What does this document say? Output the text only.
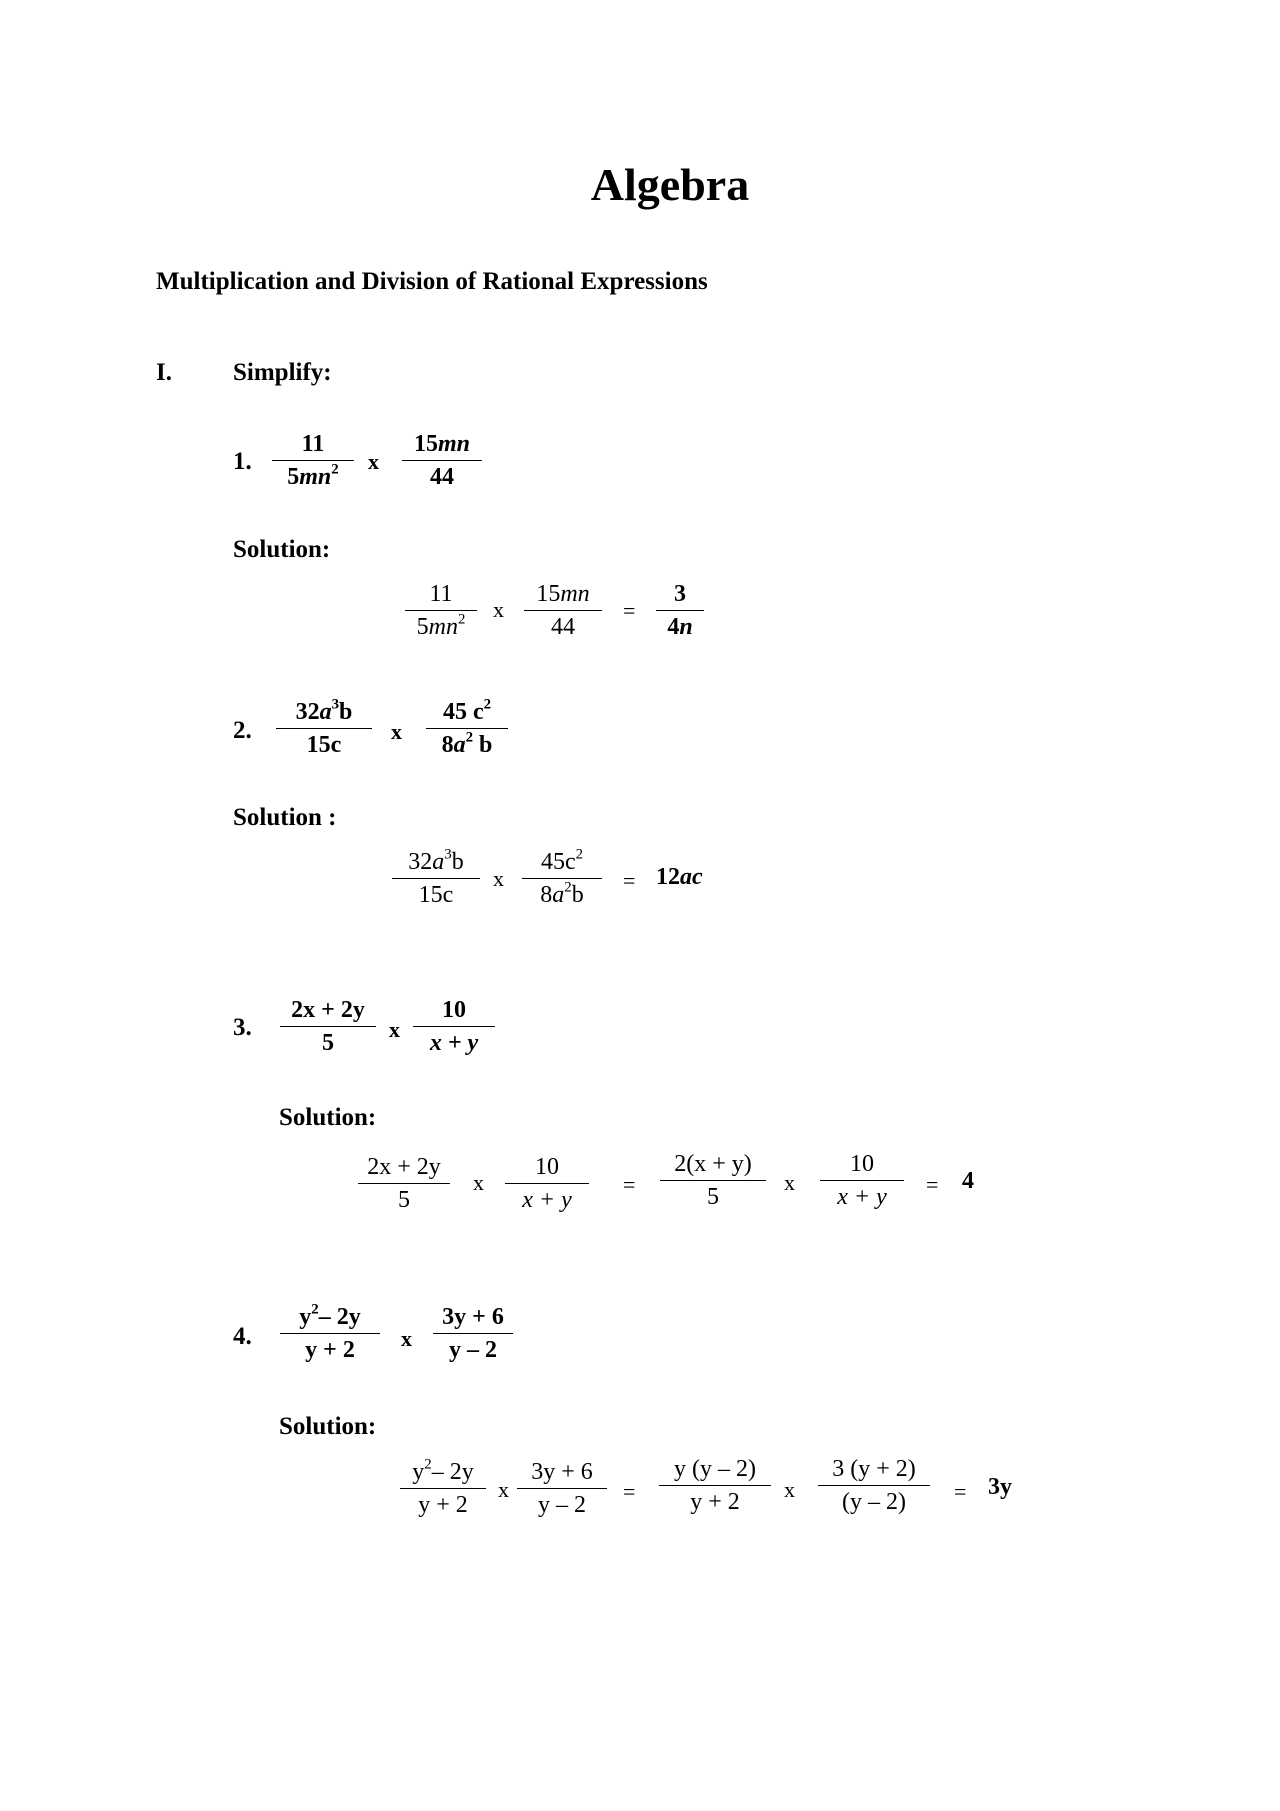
Algebra
Multiplication and Division of Rational Expressions
I. Simplify:
1.
11
$5mn^2$ x
15mn
44
Solution:
11
$5mn^2$ x
15mn
44
=
3
4n
2.
$32a^3b$
15c
x
45 $c^2$
$8a^2$ b
Solution :
$32a^3b$
15c
x
$45c^2$
$8a^2b$
= 12ac
3.
2x + 2y
5
x
10
x + y
Solution:
2x + 2y
5
x
10
x + y
=
2(x + y)
5
x
10
x + y = 4
4.
$y^2-$ 2y
y + 2 x
3y + 6
y – 2
Solution:
$y^2-$ 2y
y + 2
x
3y + 6
y – 2
=
y (y – 2)
y + 2 x
3 (y + 2)
(y – 2) = 3y
